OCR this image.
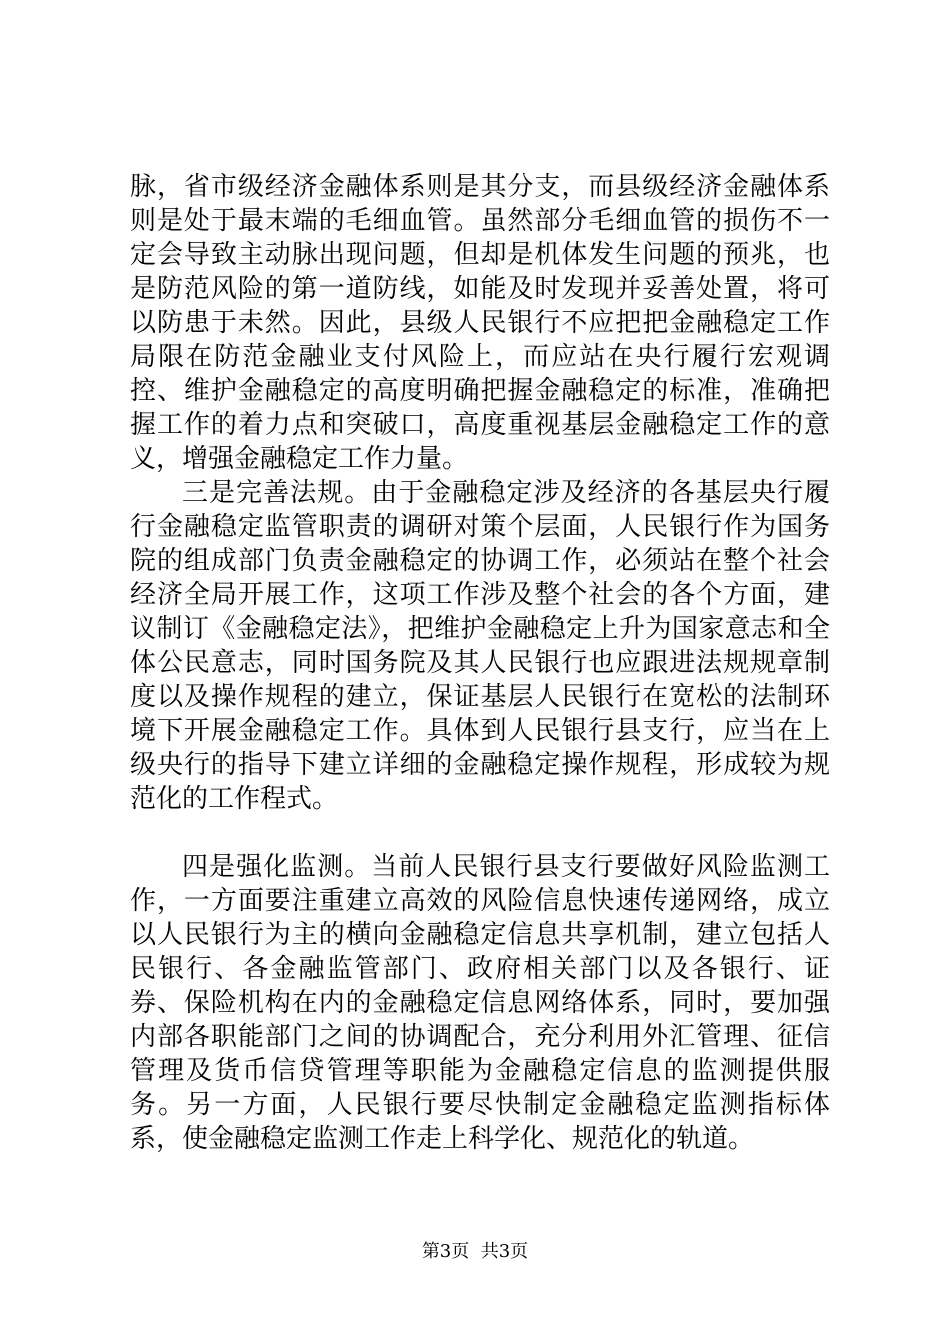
脉，省市级经济金融体系则是其分支，而县级经济金融体系则是处于最末端的毛细血管。虽然部分毛细血管的损伤不一定会导致主动脉出现问题，但却是机体发生问题的预兆，也是防范风险的第一道防线，如能及时发现并妥善处置，将可以防患于未然。因此，县级人民银行不应把把金融稳定工作局限在防范金融业支付风险上，而应站在央行履行宏观调控、维护金融稳定的高度明确把握金融稳定的标准，准确把握工作的着力点和突破口，高度重视基层金融稳定工作的意义，增强金融稳定工作力量。

三是完善法规。由于金融稳定涉及经济的各基层央行履行金融稳定监管职责的调研对策个层面，人民银行作为国务院的组成部门负责金融稳定的协调工作，必须站在整个社会经济全局开展工作，这项工作涉及整个社会的各个方面，建议制订《金融稳定法》，把维护金融稳定上升为国家意志和全体公民意志，同时国务院及其人民银行也应跟进法规规章制度以及操作规程的建立，保证基层人民银行在宽松的法制环境下开展金融稳定工作。具体到人民银行县支行，应当在上级央行的指导下建立详细的金融稳定操作规程，形成较为规范化的工作程式。

四是强化监测。当前人民银行县支行要做好风险监测工作，一方面要注重建立高效的风险信息快速传递网络，成立以人民银行为主的横向金融稳定信息共享机制，建立包括人民银行、各金融监管部门、政府相关部门以及各银行、证券、保险机构在内的金融稳定信息网络体系，同时，要加强内部各职能部门之间的协调配合，充分利用外汇管理、征信管理及货币信贷管理等职能为金融稳定信息的监测提供服务。另一方面，人民银行要尽快制定金融稳定监测指标体系，使金融稳定监测工作走上科学化、规范化的轨道。

第3页  共3页
